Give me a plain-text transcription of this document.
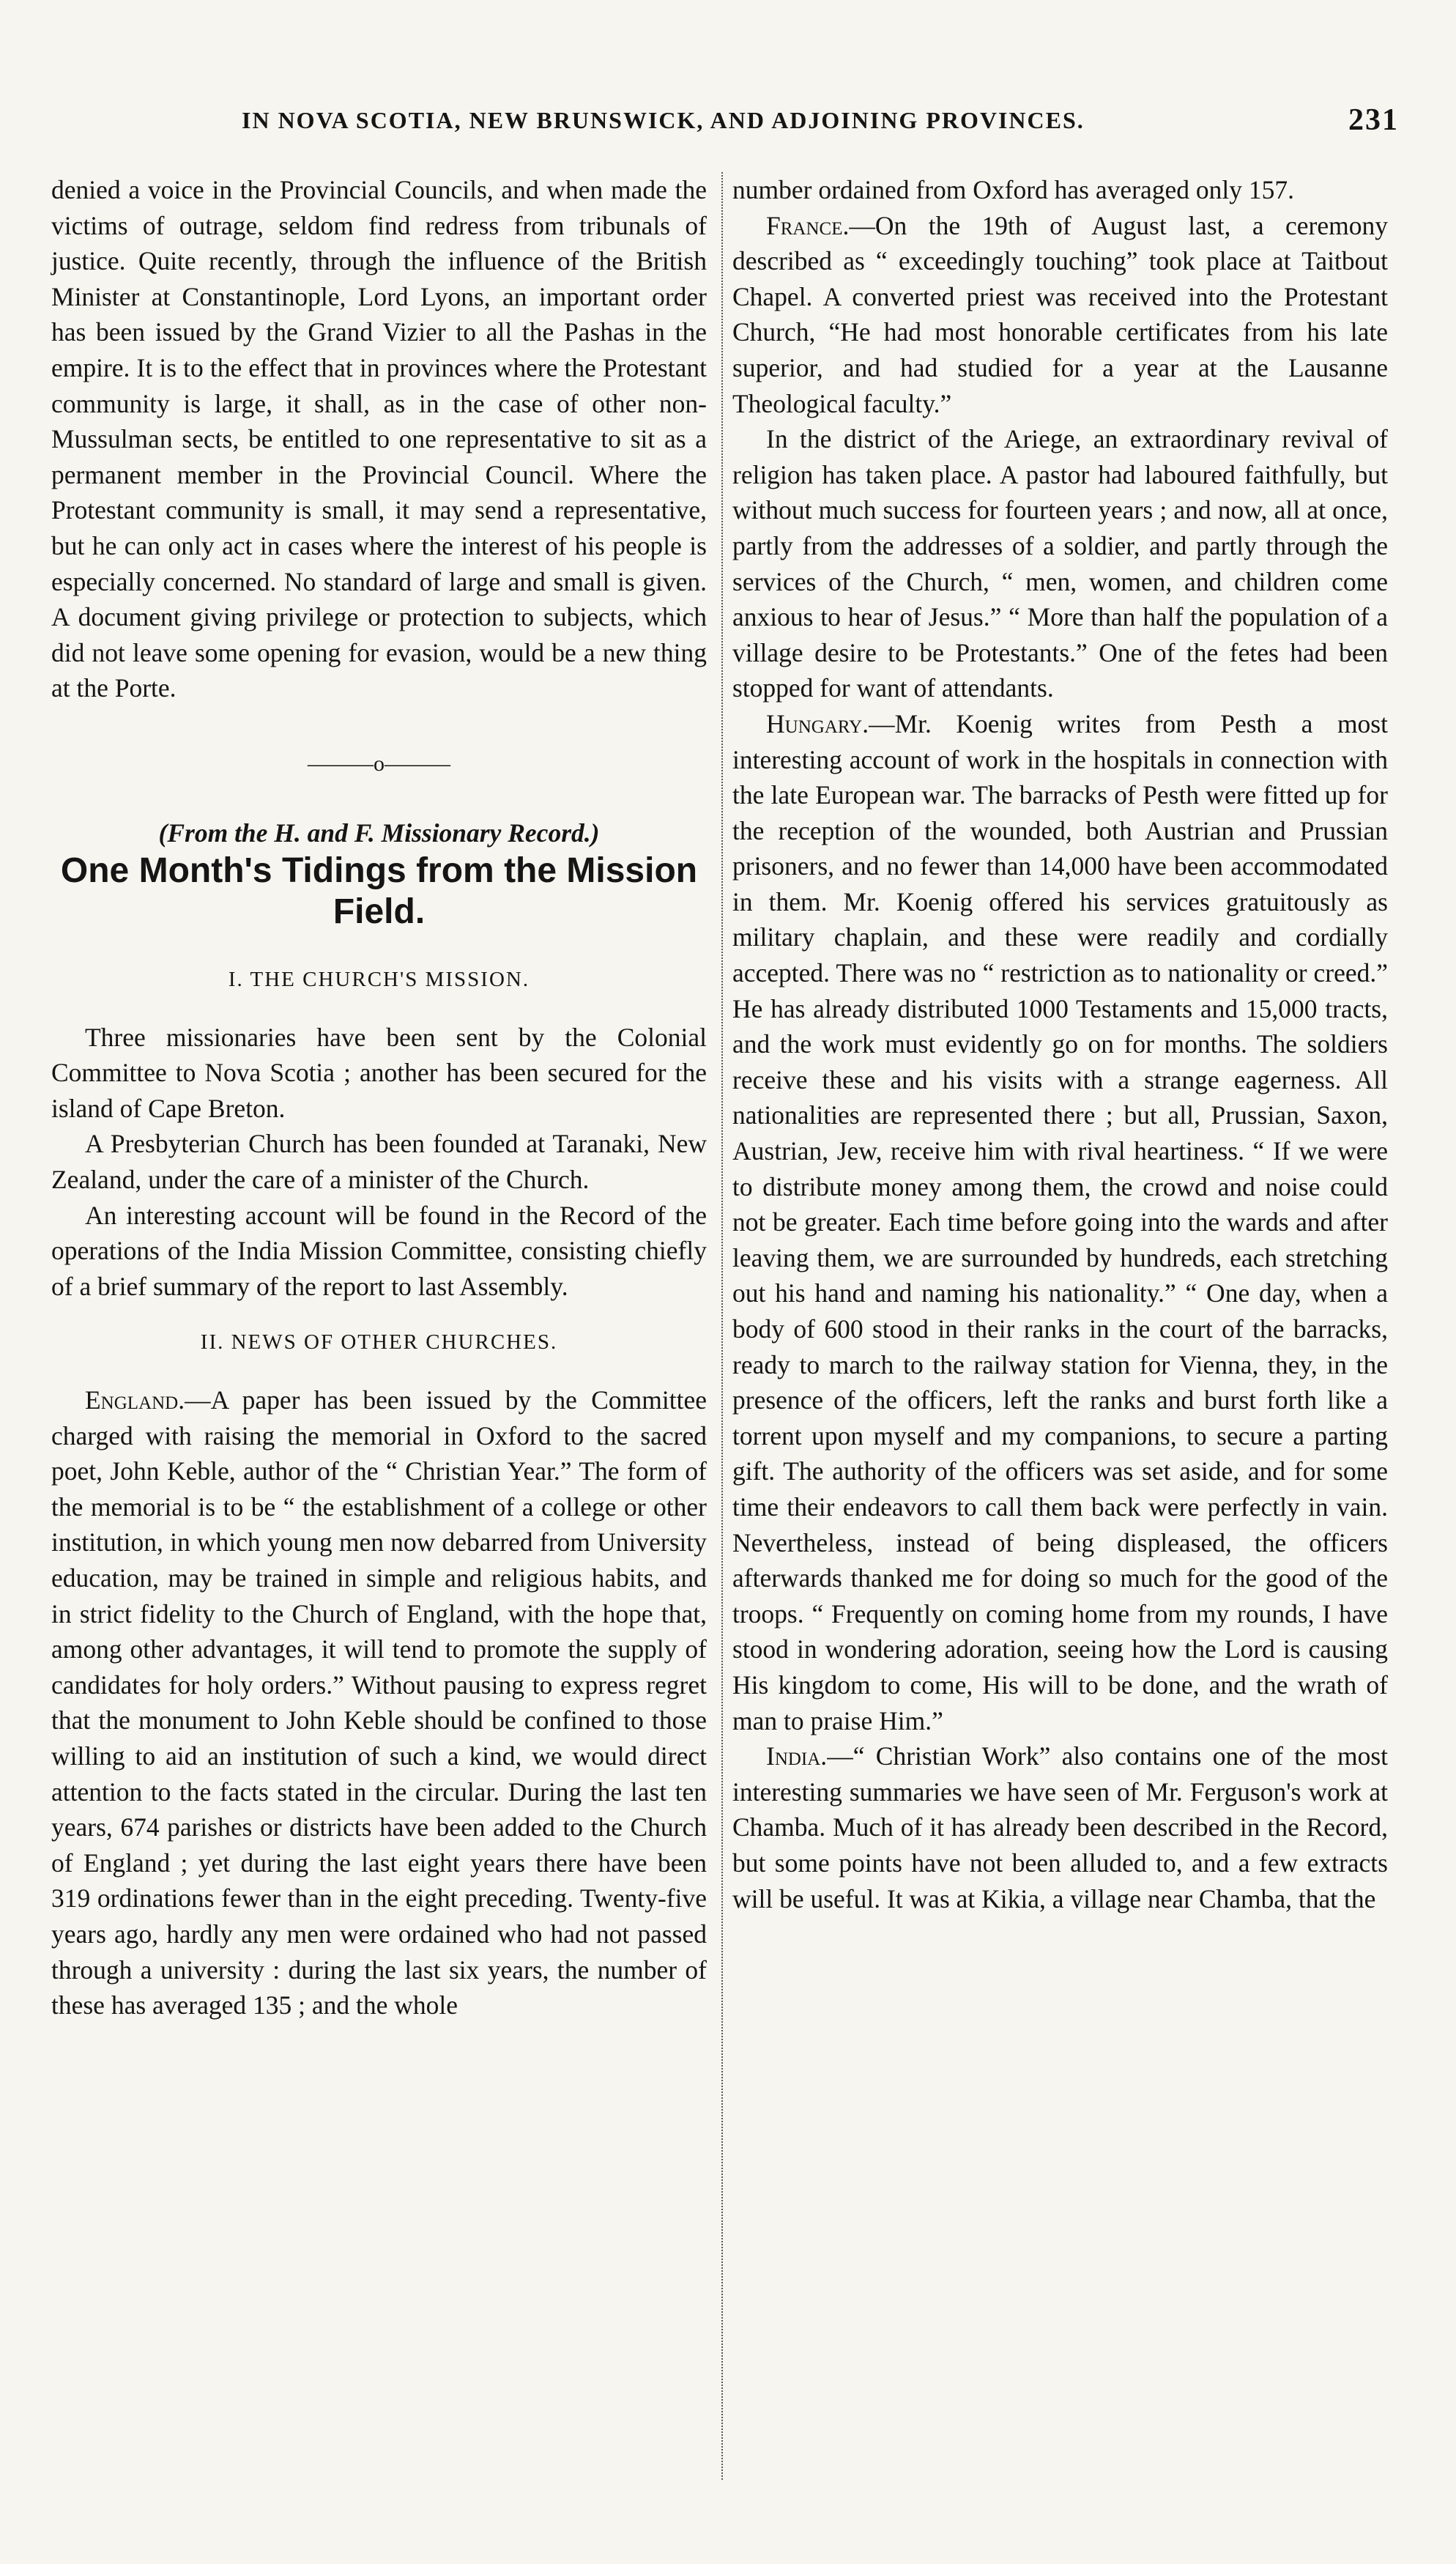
IN NOVA SCOTIA, NEW BRUNSWICK, AND ADJOINING PROVINCES.	231

denied a voice in the Provincial Councils, and when made the victims of outrage, seldom find redress from tribunals of justice. Quite recently, through the influence of the British Minister at Constantinople, Lord Lyons, an important order has been issued by the Grand Vizier to all the Pashas in the empire. It is to the effect that in provinces where the Protestant community is large, it shall, as in the case of other non-Mussulman sects, be entitled to one representative to sit as a permanent member in the Provincial Council. Where the Protestant community is small, it may send a representative, but he can only act in cases where the interest of his people is especially concerned. No standard of large and small is given. A document giving privilege or protection to subjects, which did not leave some opening for evasion, would be a new thing at the Porte.

———o———

(From the H. and F. Missionary Record.)

One Month's Tidings from the Mission Field.
I. THE CHURCH'S MISSION.

Three missionaries have been sent by the Colonial Committee to Nova Scotia ; another has been secured for the island of Cape Breton.

A Presbyterian Church has been founded at Taranaki, New Zealand, under the care of a minister of the Church.

An interesting account will be found in the Record of the operations of the India Mission Committee, consisting chiefly of a brief summary of the report to last Assembly.

II. NEWS OF OTHER CHURCHES.

England.—A paper has been issued by the Committee charged with raising the memorial in Oxford to the sacred poet, John Keble, author of the “ Christian Year.” The form of the memorial is to be “ the establishment of a college or other institution, in which young men now debarred from University education, may be trained in simple and religious habits, and in strict fidelity to the Church of England, with the hope that, among other advantages, it will tend to promote the supply of candidates for holy orders.” Without pausing to express regret that the monument to John Keble should be confined to those willing to aid an institution of such a kind, we would direct attention to the facts stated in the circular. During the last ten years, 674 parishes or districts have been added to the Church of England ; yet during the last eight years there have been 319 ordinations fewer than in the eight preceding. Twenty-five years ago, hardly any men were ordained who had not passed through a university : during the last six years, the number of these has averaged 135 ; and the whole

number ordained from Oxford has averaged only 157.

France.—On the 19th of August last, a ceremony described as “ exceedingly touching” took place at Taitbout Chapel. A converted priest was received into the Protestant Church, “He had most honorable certificates from his late superior, and had studied for a year at the Lausanne Theological faculty.”

In the district of the Ariege, an extraordinary revival of religion has taken place. A pastor had laboured faithfully, but without much success for fourteen years ; and now, all at once, partly from the addresses of a soldier, and partly through the services of the Church, “ men, women, and children come anxious to hear of Jesus.” “ More than half the population of a village desire to be Protestants.” One of the fetes had been stopped for want of attendants.

Hungary.—Mr. Koenig writes from Pesth a most interesting account of work in the hospitals in connection with the late European war. The barracks of Pesth were fitted up for the reception of the wounded, both Austrian and Prussian prisoners, and no fewer than 14,000 have been accommodated in them. Mr. Koenig offered his services gratuitously as military chaplain, and these were readily and cordially accepted. There was no “ restriction as to nationality or creed.” He has already distributed 1000 Testaments and 15,000 tracts, and the work must evidently go on for months. The soldiers receive these and his visits with a strange eagerness. All nationalities are represented there ; but all, Prussian, Saxon, Austrian, Jew, receive him with rival heartiness. “ If we were to distribute money among them, the crowd and noise could not be greater. Each time before going into the wards and after leaving them, we are surrounded by hundreds, each stretching out his hand and naming his nationality.” “ One day, when a body of 600 stood in their ranks in the court of the barracks, ready to march to the railway station for Vienna, they, in the presence of the officers, left the ranks and burst forth like a torrent upon myself and my companions, to secure a parting gift. The authority of the officers was set aside, and for some time their endeavors to call them back were perfectly in vain. Nevertheless, instead of being displeased, the officers afterwards thanked me for doing so much for the good of the troops. “ Frequently on coming home from my rounds, I have stood in wondering adoration, seeing how the Lord is causing His kingdom to come, His will to be done, and the wrath of man to praise Him.”

India.—“ Christian Work” also contains one of the most interesting summaries we have seen of Mr. Ferguson's work at Chamba. Much of it has already been described in the Record, but some points have not been alluded to, and a few extracts will be useful. It was at Kikia, a village near Chamba, that the
